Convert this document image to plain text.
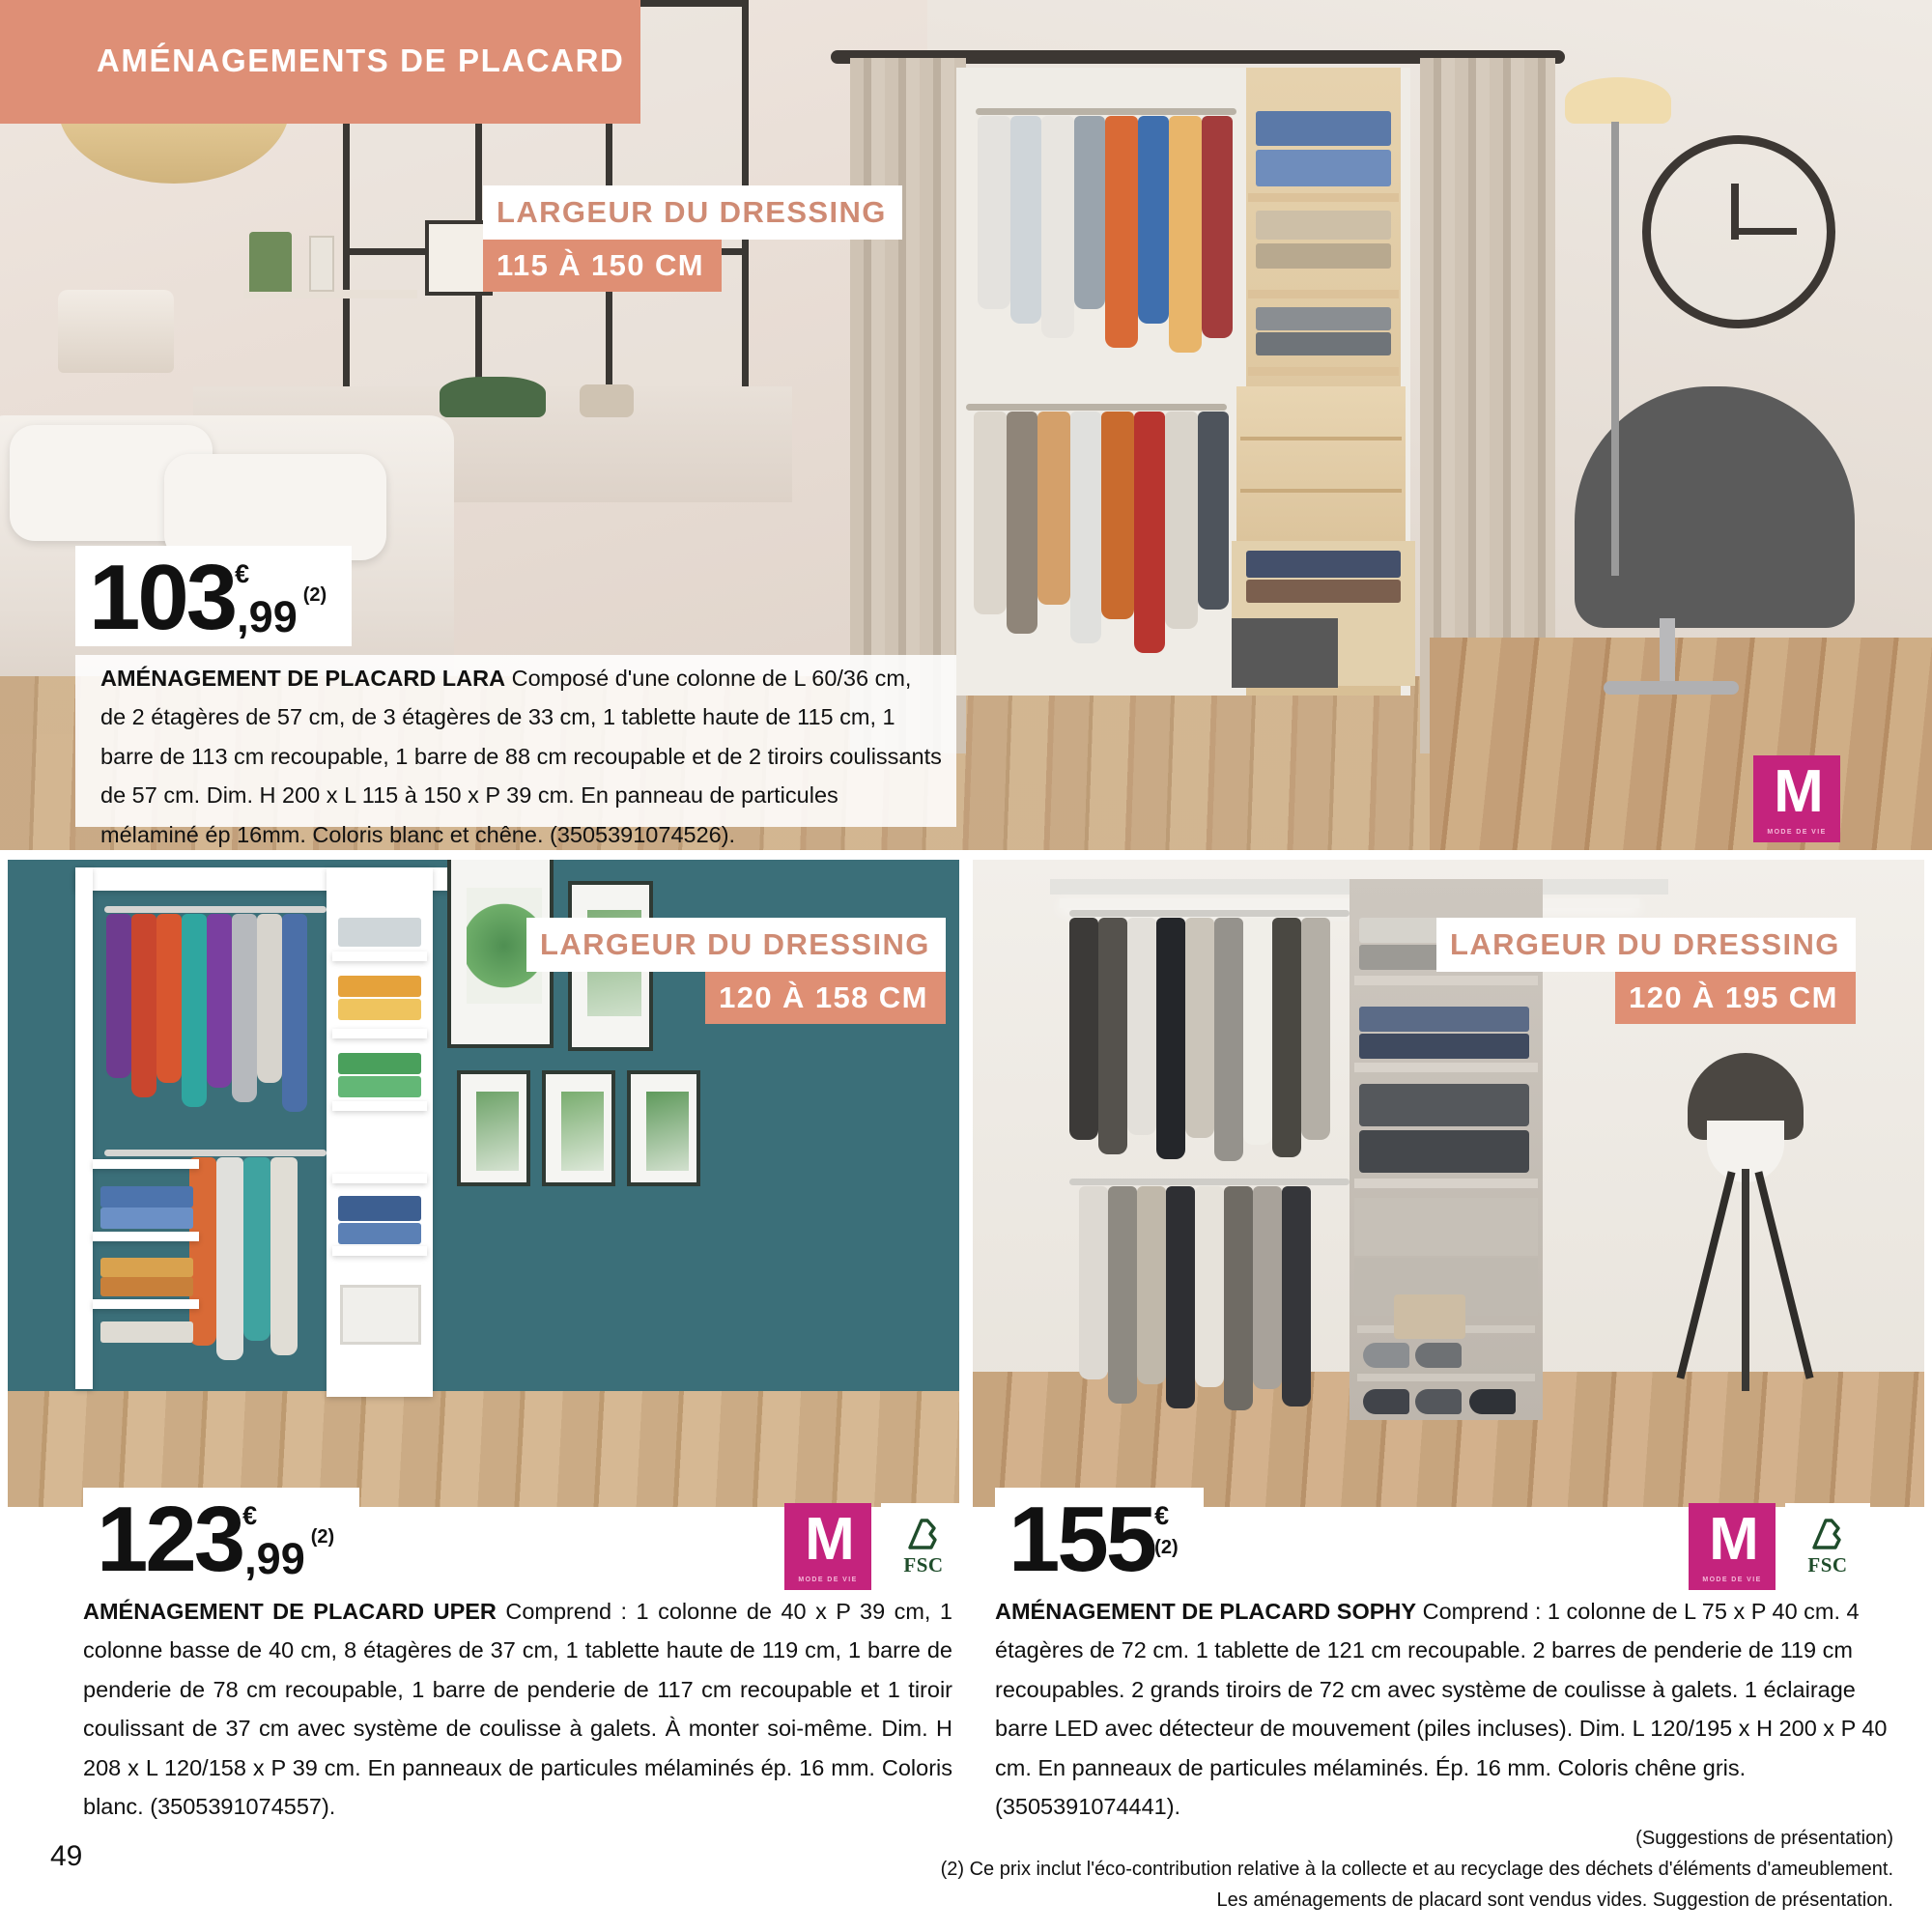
AMÉNAGEMENTS DE PLACARD
LARGEUR DU DRESSING
115 À 150 CM
M
MODE DE VIE
103 €
,99 (2)
AMÉNAGEMENT DE PLACARD LARA Composé d'une colonne de L 60/36 cm, de 2 étagères de 57 cm, de 3 étagères de 33 cm, 1 tablette haute de 115 cm, 1 barre de 113 cm recoupable, 1 barre de 88 cm recoupable et de 2 tiroirs coulissants de 57 cm. Dim. H 200 x L 115 à 150 x P 39 cm. En panneau de particules mélaminé ép 16mm. Coloris blanc et chêne. (3505391074526).
LARGEUR DU DRESSING
120 À 158 CM
123 €
,99 (2)	M
MODE DE VIE
FSC
AMÉNAGEMENT DE PLACARD UPER Comprend : 1 colonne de 40 x P 39 cm, 1 colonne basse de 40 cm, 8 étagères de 37 cm, 1 tablette haute de 119 cm, 1 barre de penderie de 78 cm recoupable, 1 barre de penderie de 117 cm recoupable et 1 tiroir coulissant de 37 cm avec système de coulisse à galets. À monter soi-même. Dim. H 208 x L 120/158 x P 39 cm. En panneaux de particules mélaminés ép. 16 mm. Coloris blanc. (3505391074557).
LARGEUR DU DRESSING
120 À 195 CM
155 €
(2)	M
MODE DE VIE
FSC
AMÉNAGEMENT DE PLACARD SOPHY Comprend : 1 colonne de L 75 x P 40 cm. 4 étagères de 72 cm. 1 tablette de 121 cm recoupable. 2 barres de penderie de 119 cm recoupables. 2 grands tiroirs de 72 cm avec système de coulisse à galets. 1 éclairage barre LED avec détecteur de mouvement (piles incluses). Dim. L 120/195 x H 200 x P 40 cm. En panneaux de particules mélaminés. Ép. 16 mm. Coloris chêne gris. (3505391074441).
49
(Suggestions de présentation)
(2) Ce prix inclut l'éco-contribution relative à la collecte et au recyclage des déchets d'éléments d'ameublement.
Les aménagements de placard sont vendus vides. Suggestion de présentation.
